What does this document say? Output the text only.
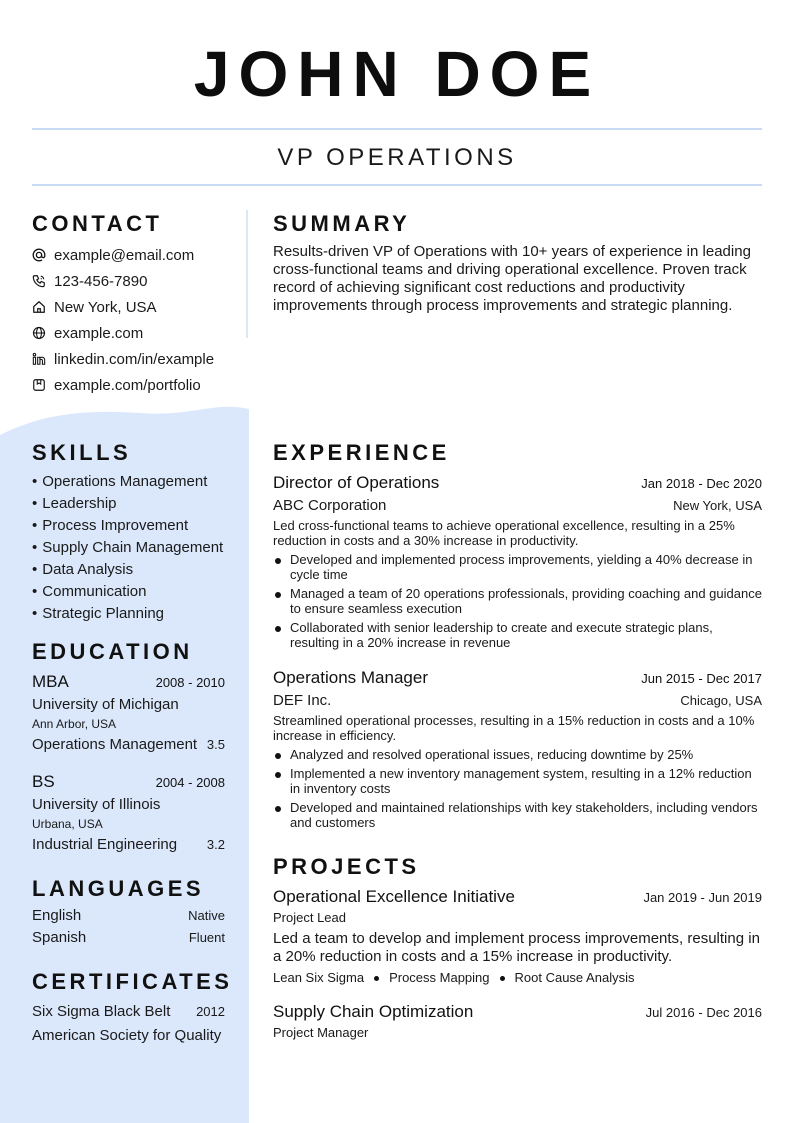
JOHN DOE
VP OPERATIONS
CONTACT
example@email.com
123-456-7890
New York, USA
example.com
linkedin.com/in/example
example.com/portfolio
SKILLS
• Operations Management
• Leadership
• Process Improvement
• Supply Chain Management
• Data Analysis
• Communication
• Strategic Planning
EDUCATION
MBA	2008 - 2010
University of Michigan
Ann Arbor, USA
Operations Management 3.5
BS	2004 - 2008
University of Illinois
Urbana, USA
Industrial Engineering 3.2
LANGUAGES
English	Native
Spanish	Fluent
CERTIFICATES
Six Sigma Black Belt 2012
American Society for Quality
SUMMARY
Results-driven VP of Operations with 10+ years of experience in leading cross-functional teams and driving operational excellence. Proven track record of achieving significant cost reductions and productivity improvements through process improvements and strategic planning.
EXPERIENCE
Director of Operations	Jan 2018 - Dec 2020
ABC Corporation	New York, USA
Led cross-functional teams to achieve operational excellence, resulting in a 25% reduction in costs and a 30% increase in productivity.
Developed and implemented process improvements, yielding a 40% decrease in cycle time
Managed a team of 20 operations professionals, providing coaching and guidance to ensure seamless execution
Collaborated with senior leadership to create and execute strategic plans, resulting in a 20% increase in revenue
Operations Manager	Jun 2015 - Dec 2017
DEF Inc.	Chicago, USA
Streamlined operational processes, resulting in a 15% reduction in costs and a 10% increase in efficiency.
Analyzed and resolved operational issues, reducing downtime by 25%
Implemented a new inventory management system, resulting in a 12% reduction in inventory costs
Developed and maintained relationships with key stakeholders, including vendors and customers
PROJECTS
Operational Excellence Initiative	Jan 2019 - Jun 2019
Project Lead
Led a team to develop and implement process improvements, resulting in a 20% reduction in costs and a 15% increase in productivity.
Lean Six Sigma Process Mapping Root Cause Analysis
Supply Chain Optimization	Jul 2016 - Dec 2016
Project Manager
